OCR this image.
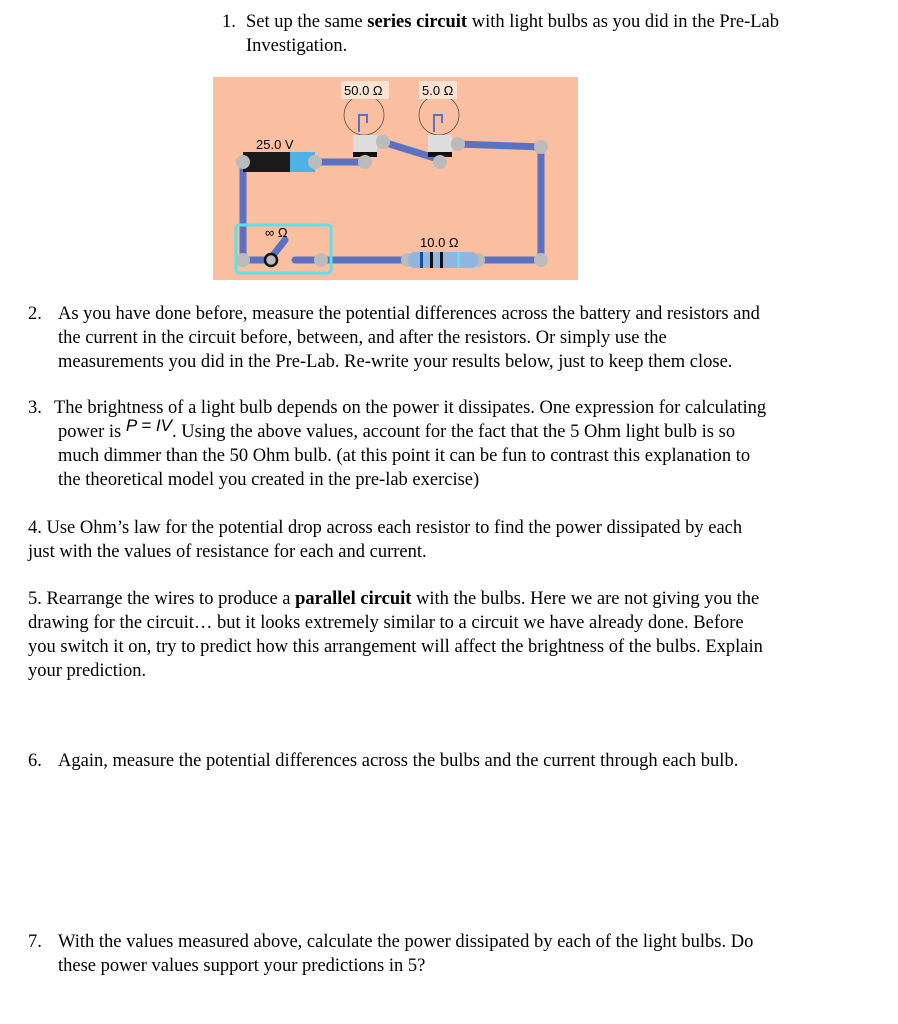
1. Set up the same series circuit with light bulbs as you did in the Pre-Lab
Investigation.
25.0 V
50.0 Ω	5.0 Ω
∞ Ω
10.0 Ω
2. As you have done before, measure the potential differences across the battery and resistors and
the current in the circuit before, between, and after the resistors. Or simply use the
measurements you did in the Pre-Lab. Re-write your results below, just to keep them close.
3. The brightness of a light bulb depends on the power it dissipates. One expression for calculating
power is P = IV. Using the above values, account for the fact that the 5 Ohm light bulb is so
much dimmer than the 50 Ohm bulb. (at this point it can be fun to contrast this explanation to
the theoretical model you created in the pre-lab exercise)
4. Use Ohm’s law for the potential drop across each resistor to find the power dissipated by each
just with the values of resistance for each and current.
5. Rearrange the wires to produce a parallel circuit with the bulbs. Here we are not giving you the
drawing for the circuit… but it looks extremely similar to a circuit we have already done. Before
you switch it on, try to predict how this arrangement will affect the brightness of the bulbs. Explain
your prediction.
6. Again, measure the potential differences across the bulbs and the current through each bulb.
7. With the values measured above, calculate the power dissipated by each of the light bulbs. Do
these power values support your predictions in 5?
